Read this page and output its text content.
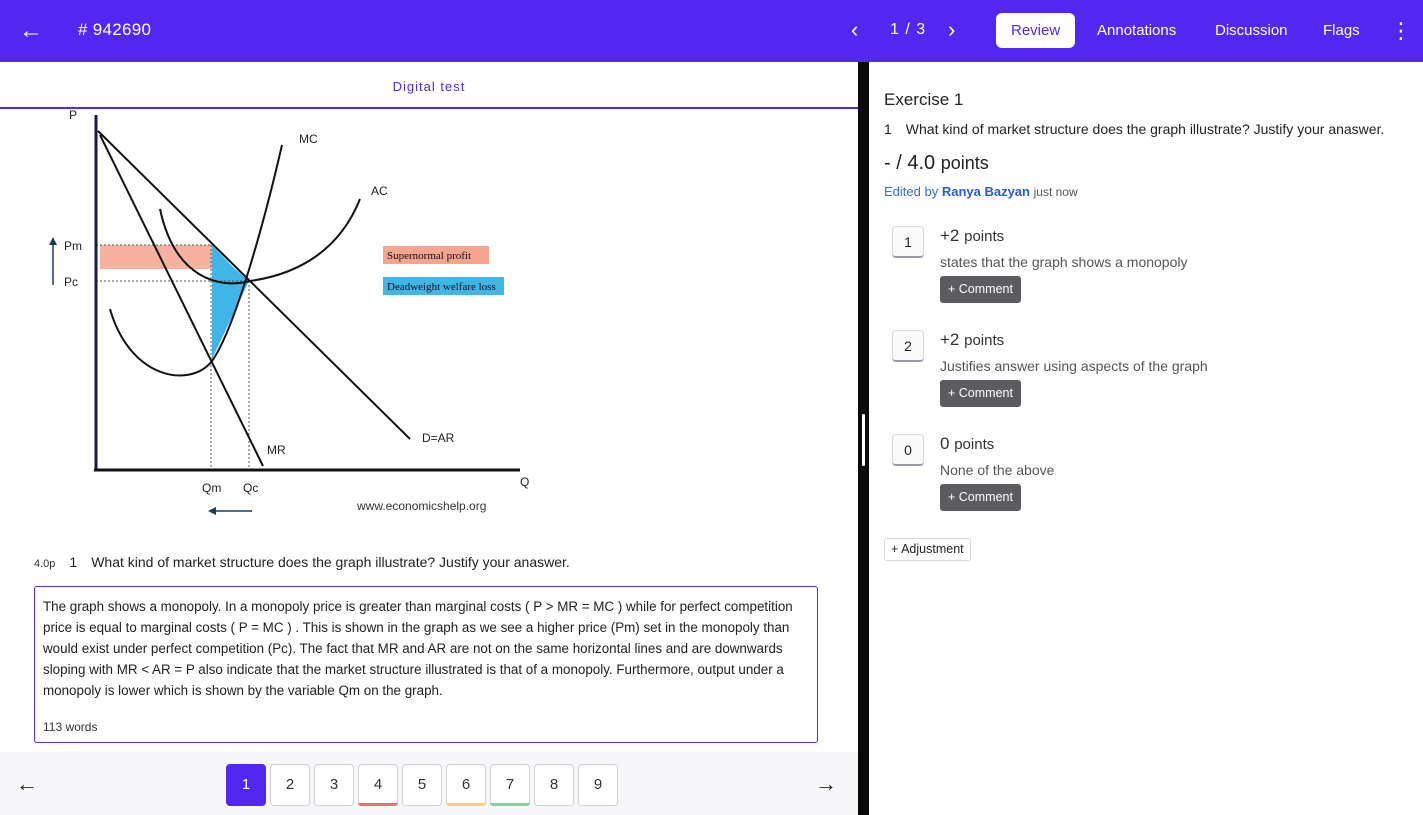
← # 942690	‹ 1 / 3 ›	Review	Annotations	Discussion	Flags	⋮
Digital test
P
Q
Pm
Pc
Qm Qc
MC
AC
MR
D=AR
Supernormal profit
Deadweight welfare loss
www.economicshelp.org
4.0p 1 What kind of market structure does the graph illustrate? Justify your anaswer.
The graph shows a monopoly. In a monopoly price is greater than marginal costs ( P > MR = MC ) while for perfect competition price is equal to marginal costs ( P = MC ) . This is shown in the graph as we see a higher price (Pm) set in the monopoly than would exist under perfect competition (Pc). The fact that MR and AR are not on the same horizontal lines and are downwards sloping with MR < AR = P also indicate that the market structure illustrated is that of a monopoly. Furthermore, output under a monopoly is lower which is shown by the variable Qm on the graph.
113 words
←	1	2	3	4	5	6	7	8	9	→
Exercise 1
1 What kind of market structure does the graph illustrate? Justify your anaswer.
- / 4.0 points
Edited by Ranya Bazyan just now
1	+2 points
states that the graph shows a monopoly
+ Comment
2	+2 points
Justifies answer using aspects of the graph
+ Comment
0	0 points
None of the above
+ Comment
+ Adjustment
